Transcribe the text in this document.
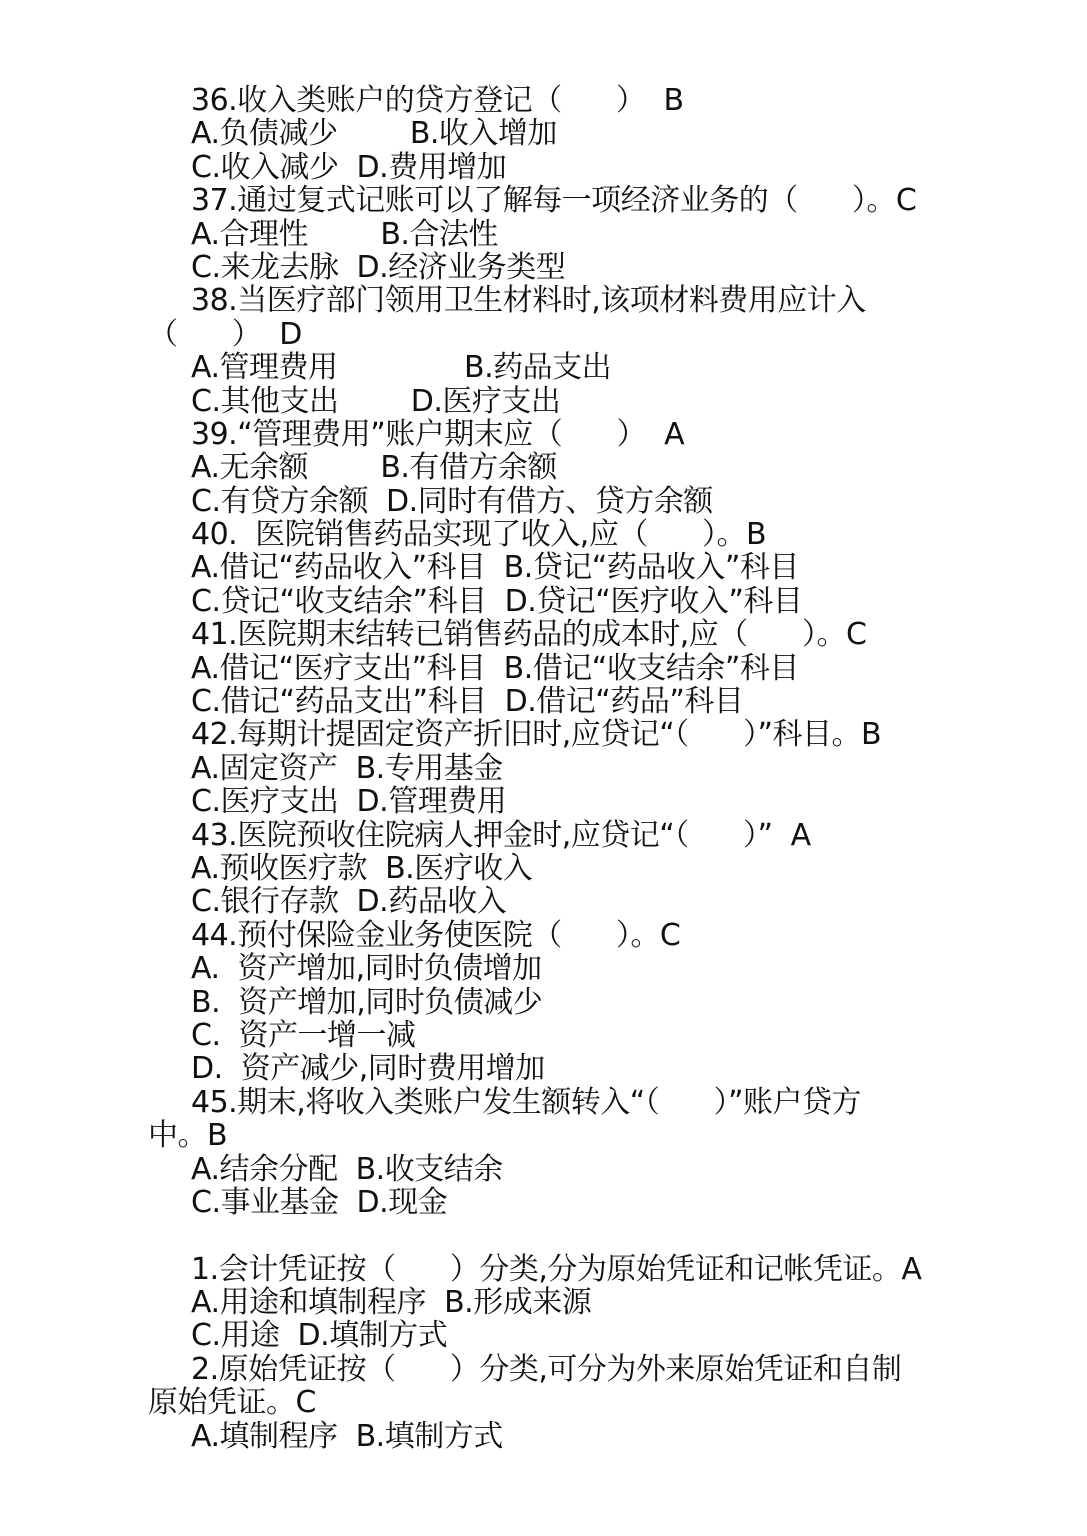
36.收入类账户的贷方登记（      ）  B
A.负债减少        B.收入增加
C.收入减少  D.费用增加
37.通过复式记账可以了解每一项经济业务的（      ）。C
A.合理性        B.合法性
C.来龙去脉  D.经济业务类型
38.当医疗部门领用卫生材料时,该项材料费用应计入
（      ）  D
A.管理费用              B.药品支出
C.其他支出        D.医疗支出
39.“管理费用”账户期末应（      ）  A
A.无余额        B.有借方余额
C.有贷方余额  D.同时有借方、贷方余额
40.  医院销售药品实现了收入,应（      ）。B
A.借记“药品收入”科目  B.贷记“药品收入”科目
C.贷记“收支结余”科目  D.贷记“医疗收入”科目
41.医院期末结转已销售药品的成本时,应（      ）。C
A.借记“医疗支出”科目  B.借记“收支结余”科目
C.借记“药品支出”科目  D.借记“药品”科目
42.每期计提固定资产折旧时,应贷记“（      ）”科目。B
A.固定资产  B.专用基金
C.医疗支出  D.管理费用
43.医院预收住院病人押金时,应贷记“（      ）”  A
A.预收医疗款  B.医疗收入
C.银行存款  D.药品收入
44.预付保险金业务使医院（      ）。C
A.  资产增加,同时负债增加
B.  资产增加,同时负债减少
C.  资产一增一减
D.  资产减少,同时费用增加
45.期末,将收入类账户发生额转入“（      ）”账户贷方
中。B
A.结余分配  B.收支结余
C.事业基金  D.现金
1.会计凭证按（      ）分类,分为原始凭证和记帐凭证。A
A.用途和填制程序  B.形成来源
C.用途  D.填制方式
2.原始凭证按（      ）分类,可分为外来原始凭证和自制
原始凭证。C
A.填制程序  B.填制方式
